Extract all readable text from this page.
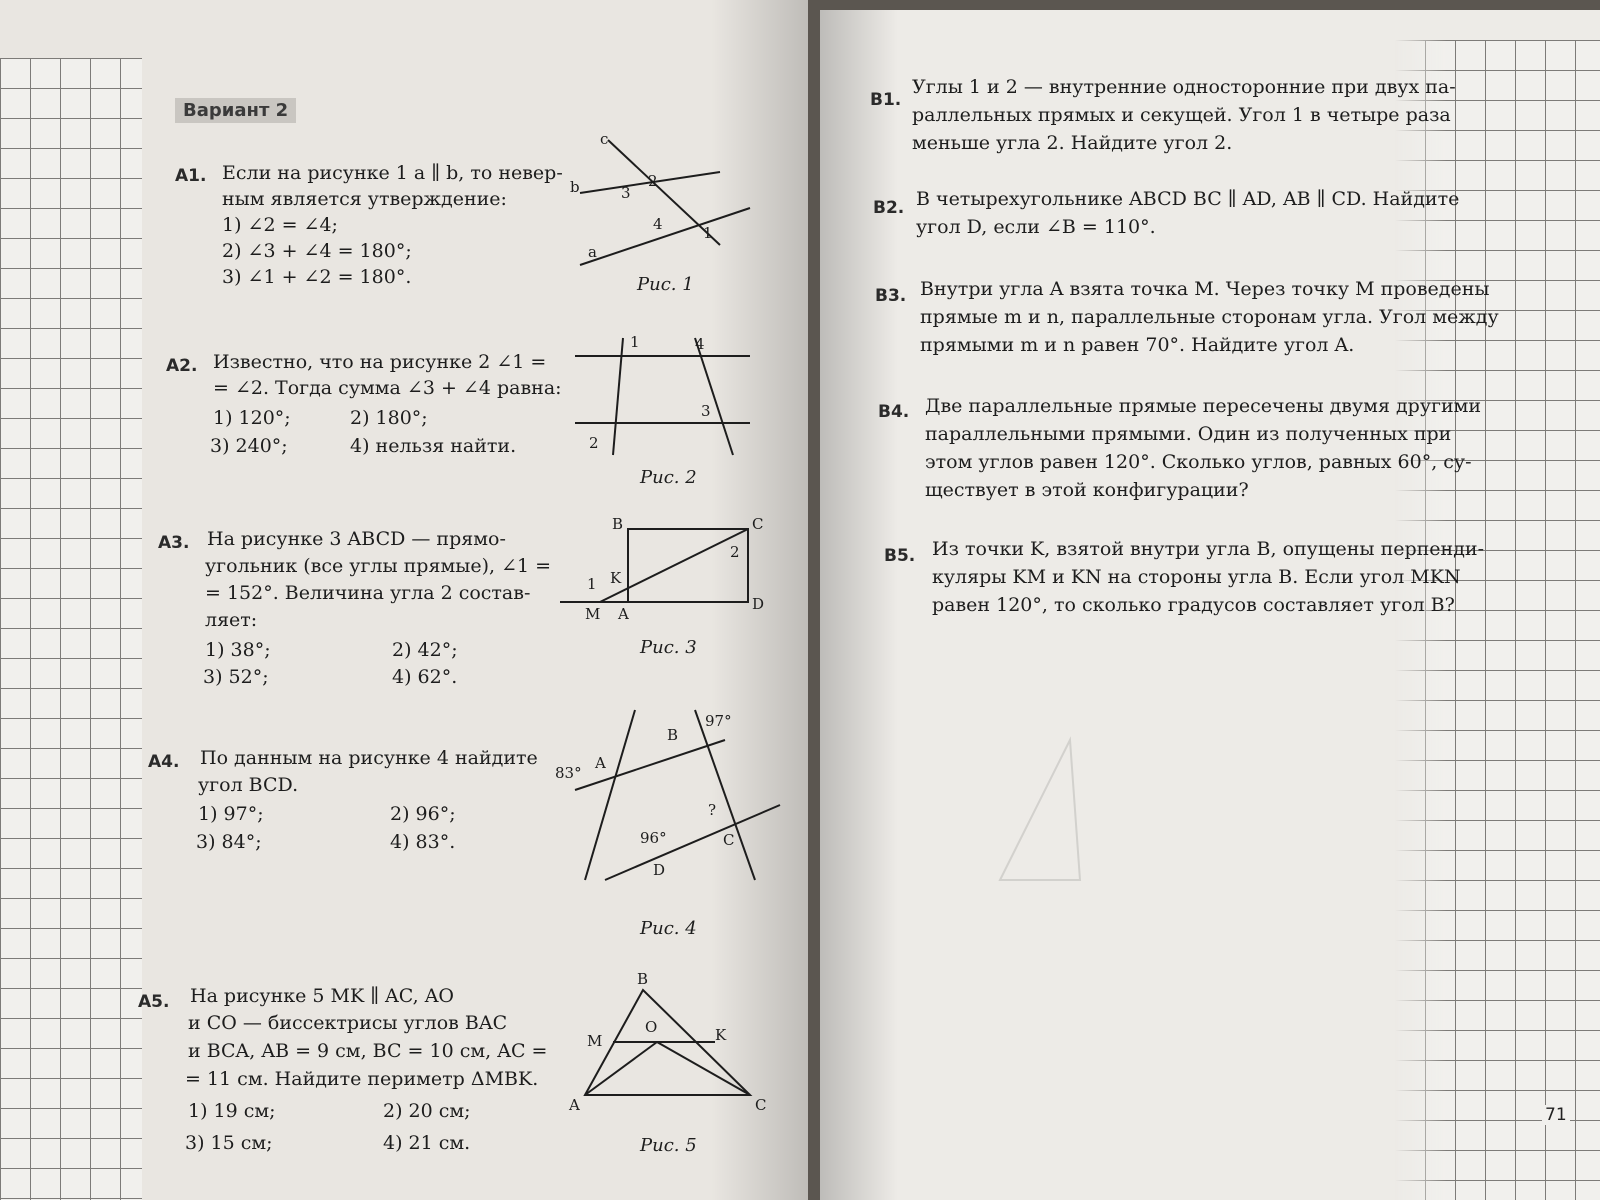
Вариант 2
А1. Если на рисунке 1 a ∥ b, то невер-
ным является утверждение:
1) ∠2 = ∠4;
2) ∠3 + ∠4 = 180°;
3) ∠1 + ∠2 = 180°.
c
b
a
3
2
4	1
Рис. 1
А2. Известно, что на рисунке 2 ∠1 =
= ∠2. Тогда сумма ∠3 + ∠4 равна:
1) 120°;	2) 180°;
3) 240°;	4) нельзя найти.
1	4
3
2
Рис. 2
А3. На рисунке 3 ABCD — прямо-
угольник (все углы прямые), ∠1 =
= 152°. Величина угла 2 состав-
ляет:
1) 38°;	2) 42°;
3) 52°;	4) 62°.
B	C
2
1 K
M A
D
Рис. 3
А4. По данным на рисунке 4 найдите
угол BCD.
1) 97°;	2) 96°;
3) 84°;	4) 83°.
97°
B
83°
A
?
96°	C
D
Рис. 4
А5. На рисунке 5 MK ∥ AC, AO
и CO — биссектрисы углов BAC
и BCA, AB = 9 см, BC = 10 см, AC =
= 11 см. Найдите периметр ΔMBK.
1) 19 см;	2) 20 см;
3) 15 см;	4) 21 см.
B
M
O	K
A	C
Рис. 5
В1.
Углы 1 и 2 — внутренние односторонние при двух па-
раллельных прямых и секущей. Угол 1 в четыре раза
меньше угла 2. Найдите угол 2.
В2. В четырехугольнике ABCD BC ∥ AD, AB ∥ CD. Найдите
угол D, если ∠B = 110°.
В3. Внутри угла A взята точка M. Через точку M проведены
прямые m и n, параллельные сторонам угла. Угол между
прямыми m и n равен 70°. Найдите угол A.
В4. Две параллельные прямые пересечены двумя другими
параллельными прямыми. Один из полученных при
этом углов равен 120°. Сколько углов, равных 60°, су-
ществует в этой конфигурации?
В5. Из точки K, взятой внутри угла B, опущены перпенди-
куляры KM и KN на стороны угла B. Если угол MKN
равен 120°, то сколько градусов составляет угол B?
71
